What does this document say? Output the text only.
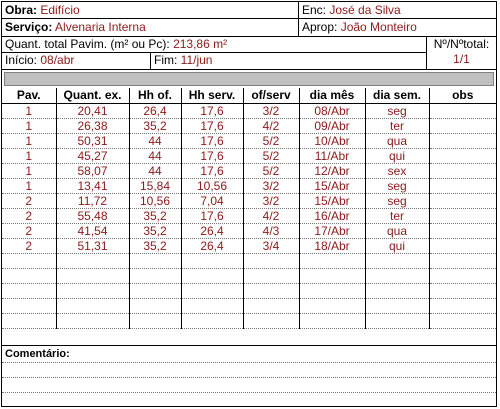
Obra: Edifício	Enc: José da Silva
Serviço: Alvenaria Interna	Aprop: João Monteiro
Quant. total Pavim. (m² ou Pc): 213,86 m²
Início: 08/abr	Fim: 11/jun
Nº/Nºtotal:
1/1
Pav.	Quant. ex.	Hh of.	Hh serv.	of/serv	dia mês	dia sem.	obs
1	20,41	26,4	17,6	3/2	08/Abr	seg	
1	26,38	35,2	17,6	4/2	09/Abr	ter	
1	50,31	44	17,6	5/2	10/Abr	qua	
1	45,27	44	17,6	5/2	11/Abr	qui	
1	58,07	44	17,6	5/2	12/Abr	sex	
1	13,41	15,84	10,56	3/2	15/Abr	seg	
2	11,72	10,56	7,04	3/2	15/Abr	seg	
2	55,48	35,2	17,6	4/2	16/Abr	ter	
2	41,54	35,2	26,4	4/3	17/Abr	qua	
2	51,31	35,2	26,4	3/4	18/Abr	qui	

Comentário:
